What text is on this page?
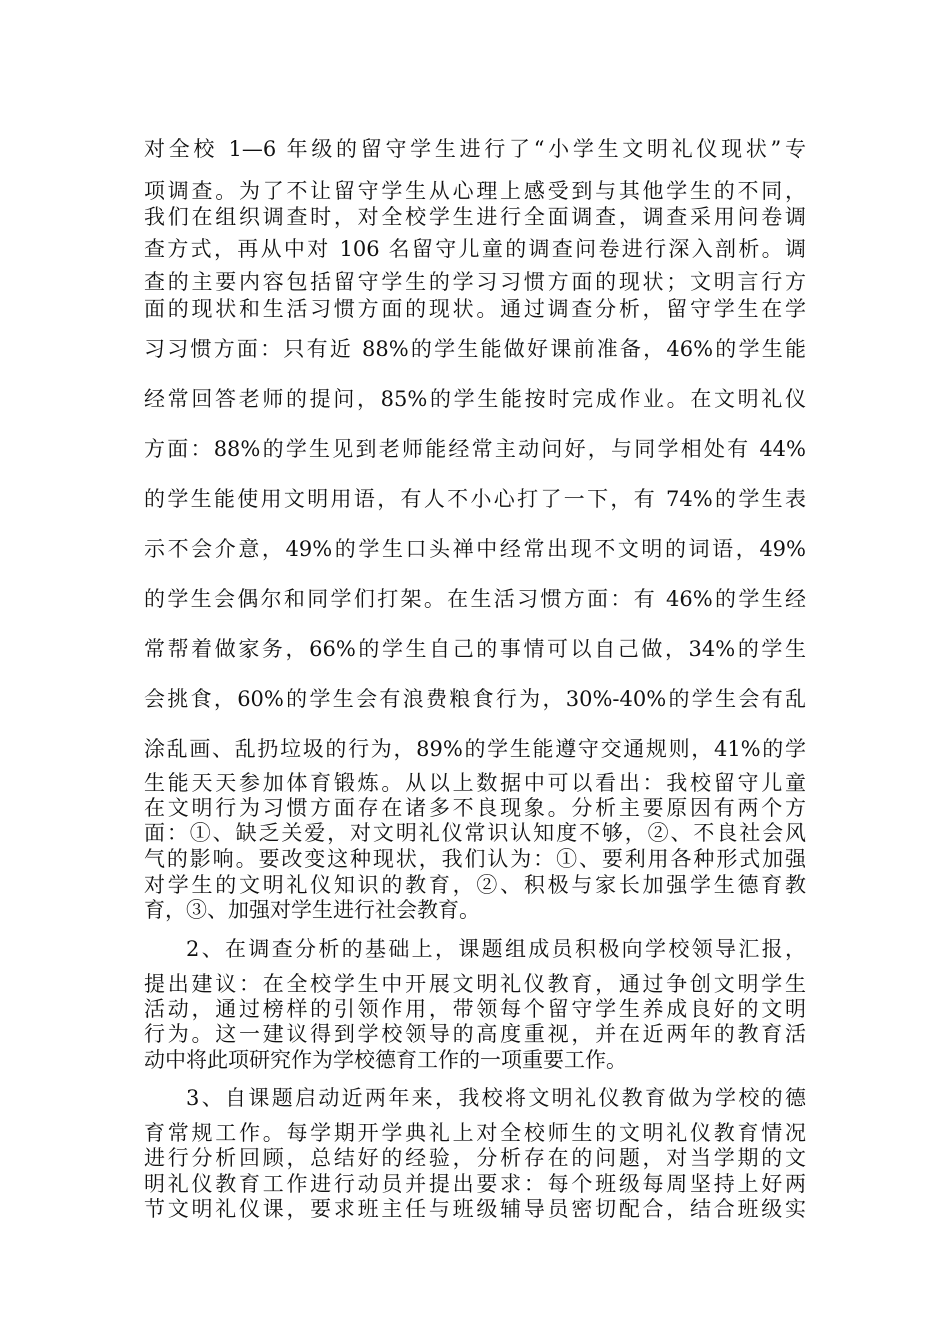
对全校 1—6 年级的留守学生进行了“小学生文明礼仪现状”专
项调查。为了不让留守学生从心理上感受到与其他学生的不同，
我们在组织调查时，对全校学生进行全面调查，调查采用问卷调
查方式，再从中对 106 名留守儿童的调查问卷进行深入剖析。调
查的主要内容包括留守学生的学习习惯方面的现状；文明言行方
面的现状和生活习惯方面的现状。通过调查分析，留守学生在学
习习惯方面：只有近 88%的学生能做好课前准备，46%的学生能
经常回答老师的提问，85%的学生能按时完成作业。在文明礼仪
方面：88%的学生见到老师能经常主动问好，与同学相处有 44%
的学生能使用文明用语，有人不小心打了一下，有 74%的学生表
示不会介意，49%的学生口头禅中经常出现不文明的词语，49%
的学生会偶尔和同学们打架。在生活习惯方面：有 46%的学生经
常帮着做家务，66%的学生自己的事情可以自己做，34%的学生
会挑食，60%的学生会有浪费粮食行为，30%-40%的学生会有乱
涂乱画、乱扔垃圾的行为，89%的学生能遵守交通规则，41%的学
生能天天参加体育锻炼。从以上数据中可以看出：我校留守儿童
在文明行为习惯方面存在诸多不良现象。分析主要原因有两个方
面：①、缺乏关爱，对文明礼仪常识认知度不够，②、不良社会风
气的影响。要改变这种现状，我们认为：①、要利用各种形式加强
对学生的文明礼仪知识的教育，②、积极与家长加强学生德育教
育，③、加强对学生进行社会教育。
2、在调查分析的基础上，课题组成员积极向学校领导汇报，
提出建议：在全校学生中开展文明礼仪教育，通过争创文明学生
活动，通过榜样的引领作用，带领每个留守学生养成良好的文明
行为。这一建议得到学校领导的高度重视，并在近两年的教育活
动中将此项研究作为学校德育工作的一项重要工作。
3、自课题启动近两年来，我校将文明礼仪教育做为学校的德
育常规工作。每学期开学典礼上对全校师生的文明礼仪教育情况
进行分析回顾，总结好的经验，分析存在的问题，对当学期的文
明礼仪教育工作进行动员并提出要求：每个班级每周坚持上好两
节文明礼仪课，要求班主任与班级辅导员密切配合，结合班级实
